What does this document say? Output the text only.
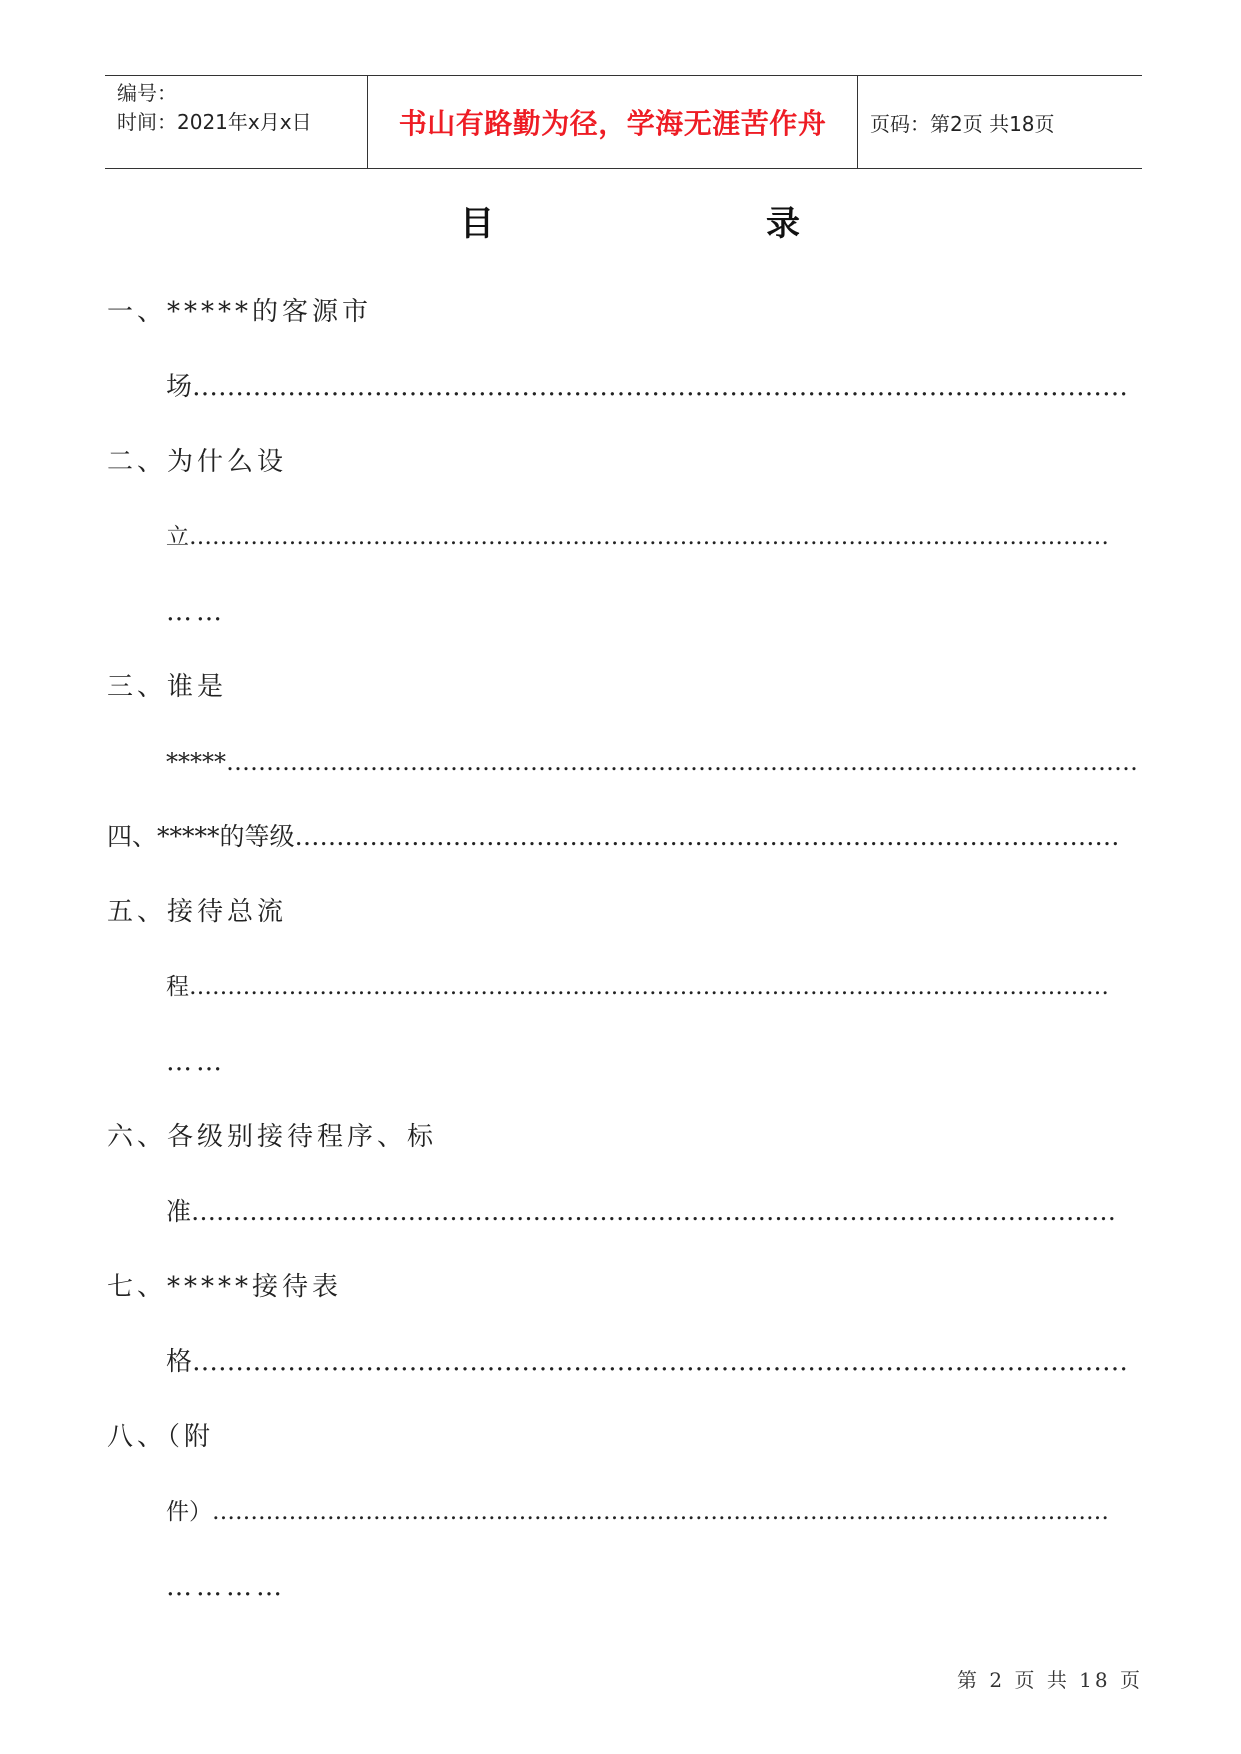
编号：
时间：2021年x月x日	书山有路勤为径，学海无涯苦作舟 页码：第2页 共18页
目	录
一、*****的客源市
场………………………………………………………………………………………………
二、为什么设
立…………………………………………………………………………………………………………
……
三、谁是
*****……………………………………………………………………………………………………
四、*****的等级………………………………………………………………………………………
五、接待总流
程…………………………………………………………………………………………………………
……
六、各级别接待程序、标
准…………………………………………………………………………………………………
七、*****接待表
格………………………………………………………………………………………………
八、（附
件）………………………………………………………………………………………………………
…………
第 2 页 共 18 页
